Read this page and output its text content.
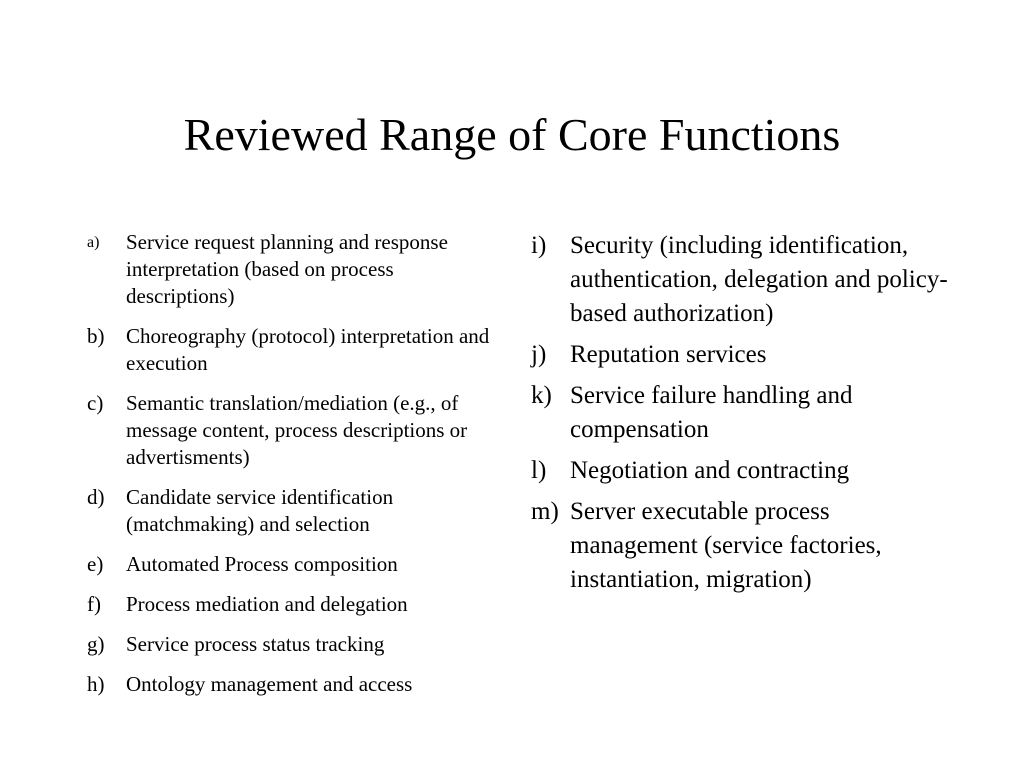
Reviewed Range of Core Functions
a) Service request planning and response interpretation (based on process descriptions)
b) Choreography (protocol) interpretation and execution
c) Semantic translation/mediation (e.g., of message content, process descriptions or advertisments)
d) Candidate service identification (matchmaking) and selection
e) Automated Process composition
f) Process mediation and delegation
g) Service process status tracking
h) Ontology management and access
i) Security (including identification, authentication, delegation and policy-based authorization)
j) Reputation services
k) Service failure handling and compensation
l) Negotiation and contracting
m) Server executable process management (service factories, instantiation, migration)
